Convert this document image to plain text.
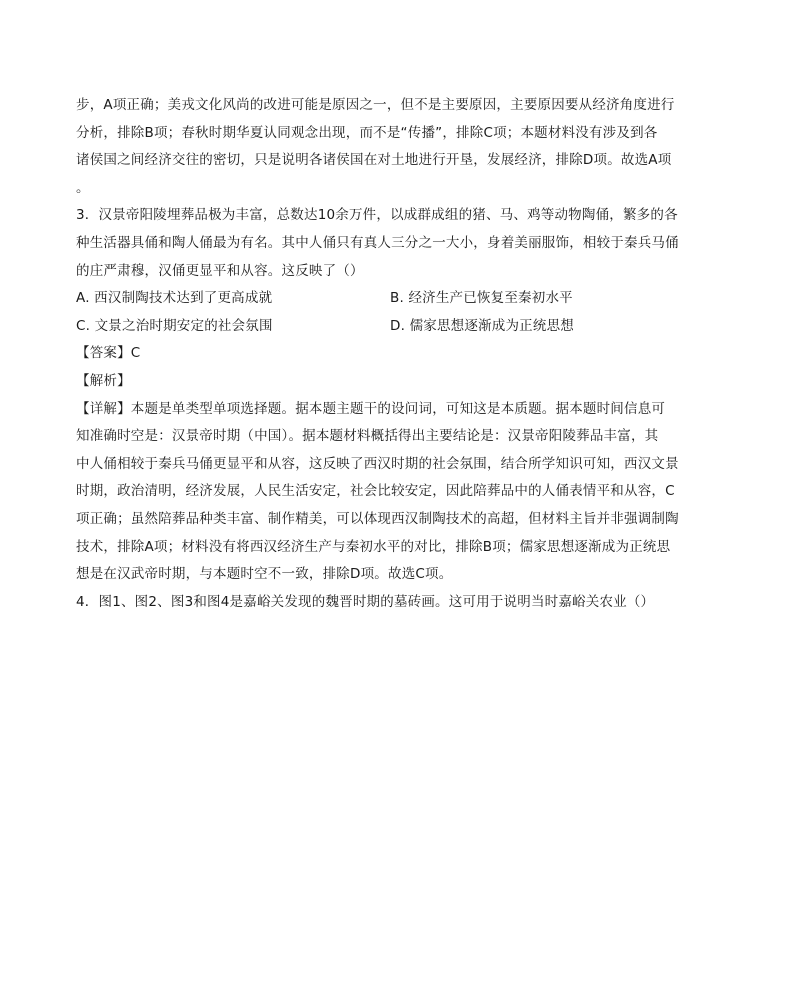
步，A项正确；美戎文化风尚的改进可能是原因之一，但不是主要原因，主要原因要从经济角度进行
分析，排除B项；春秋时期华夏认同观念出现，而不是“传播”，排除C项；本题材料没有涉及到各
诸侯国之间经济交往的密切，只是说明各诸侯国在对土地进行开垦，发展经济，排除D项。故选A项
。
3．汉景帝阳陵埋葬品极为丰富，总数达10余万件，以成群成组的猪、马、鸡等动物陶俑，繁多的各
种生活器具俑和陶人俑最为有名。其中人俑只有真人三分之一大小，身着美丽服饰，相较于秦兵马俑
的庄严肃穆，汉俑更显平和从容。这反映了（）
A. 西汉制陶技术达到了更高成就	B. 经济生产已恢复至秦初水平
C. 文景之治时期安定的社会氛围	D. 儒家思想逐渐成为正统思想
【答案】C
【解析】
【详解】本题是单类型单项选择题。据本题主题干的设问词，可知这是本质题。据本题时间信息可
知准确时空是：汉景帝时期（中国）。据本题材料概括得出主要结论是：汉景帝阳陵葬品丰富，其
中人俑相较于秦兵马俑更显平和从容，这反映了西汉时期的社会氛围，结合所学知识可知，西汉文景
时期，政治清明，经济发展，人民生活安定，社会比较安定，因此陪葬品中的人俑表情平和从容，C
项正确；虽然陪葬品种类丰富、制作精美，可以体现西汉制陶技术的高超，但材料主旨并非强调制陶
技术，排除A项；材料没有将西汉经济生产与秦初水平的对比，排除B项；儒家思想逐渐成为正统思
想是在汉武帝时期，与本题时空不一致，排除D项。故选C项。
4．图1、图2、图3和图4是嘉峪关发现的魏晋时期的墓砖画。这可用于说明当时嘉峪关农业（）
